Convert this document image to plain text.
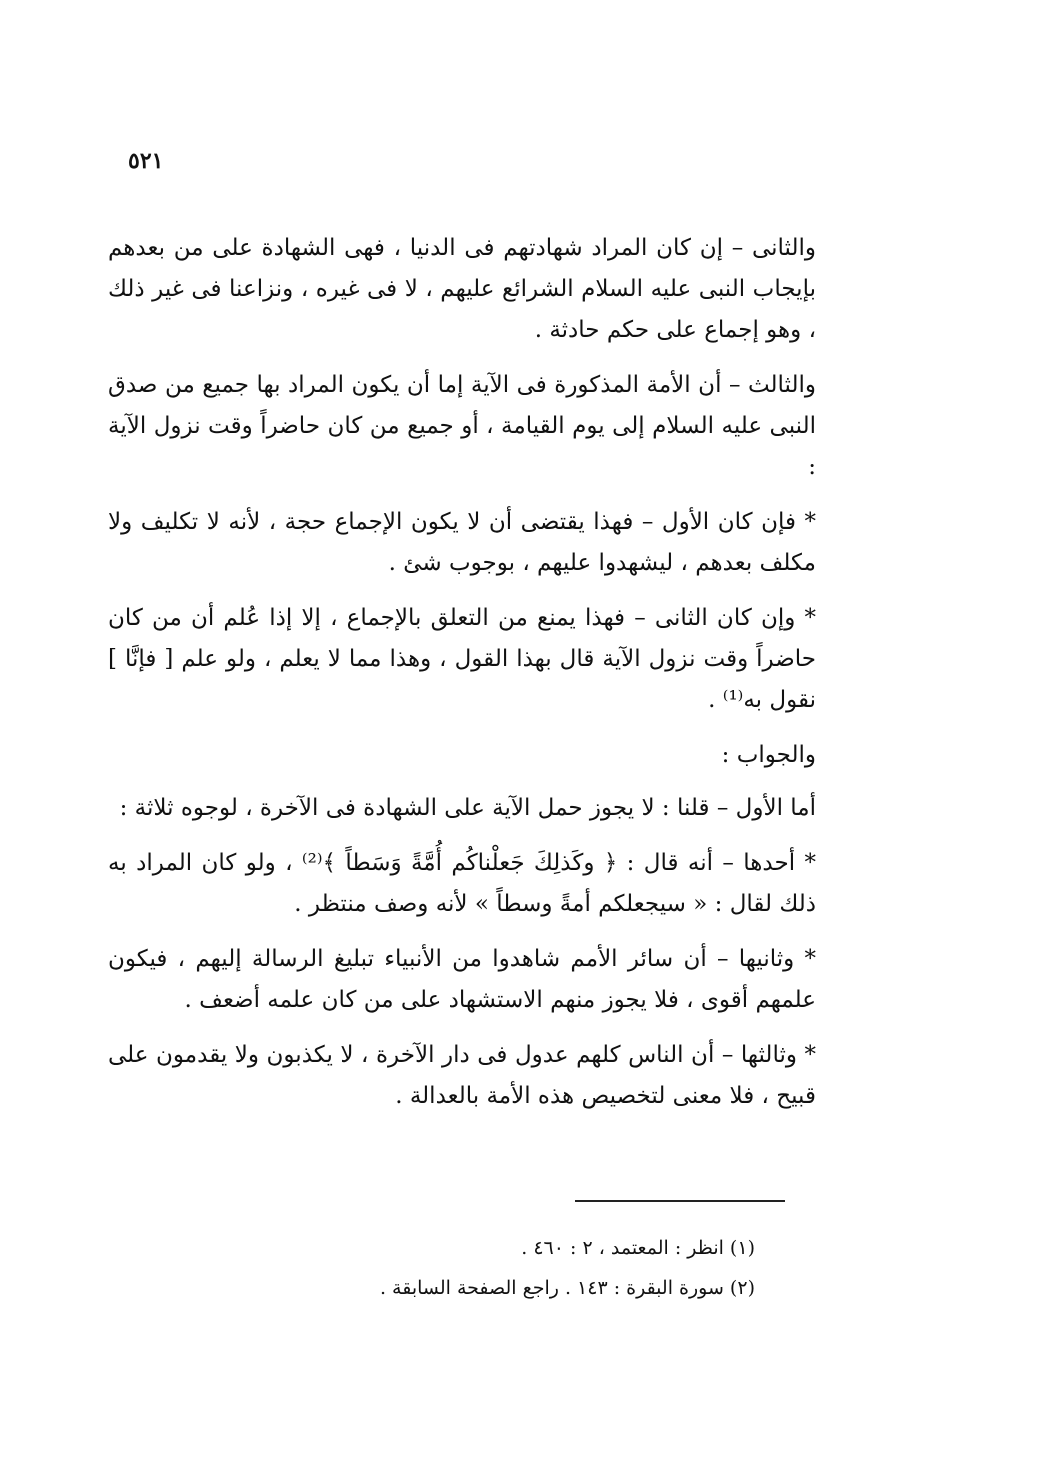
٥٢١

والثانى – إن كان المراد شهادتهم فى الدنيا ، فهى الشهادة على من بعدهم بإيجاب النبى عليه السلام الشرائع عليهم ، لا فى غيره ، ونزاعنا فى غير ذلك ، وهو إجماع على حكم حادثة .

والثالث – أن الأمة المذكورة فى الآية إما أن يكون المراد بها جميع من صدق النبى عليه السلام إلى يوم القيامة ، أو جميع من كان حاضراً وقت نزول الآية :

* فإن كان الأول – فهذا يقتضى أن لا يكون الإجماع حجة ، لأنه لا تكليف ولا مكلف بعدهم ، ليشهدوا عليهم ، بوجوب شئ .

* وإن كان الثانى – فهذا يمنع من التعلق بالإجماع ، إلا إذا عُلم أن من كان حاضراً وقت نزول الآية قال بهذا القول ، وهذا مما لا يعلم ، ولو علم [ فإنَّا ] نقول به⁽¹⁾ .

والجواب :

أما الأول – قلنا : لا يجوز حمل الآية على الشهادة فى الآخرة ، لوجوه ثلاثة :

* أحدها – أنه قال : ﴿ وكَذلِكَ جَعلْناكُم أُمَّةً وَسَطاً ﴾⁽²⁾ ، ولو كان المراد به ذلك لقال : « سيجعلكم أمةً وسطاً » لأنه وصف منتظر .

* وثانيها – أن سائر الأمم شاهدوا من الأنبياء تبليغ الرسالة إليهم ، فيكون علمهم أقوى ، فلا يجوز منهم الاستشهاد على من كان علمه أضعف .

* وثالثها – أن الناس كلهم عدول فى دار الآخرة ، لا يكذبون ولا يقدمون على قبيح ، فلا معنى لتخصيص هذه الأمة بالعدالة .

(١) انظر : المعتمد ، ٢ : ٤٦٠ .

(٢) سورة البقرة : ١٤٣ . راجع الصفحة السابقة .
